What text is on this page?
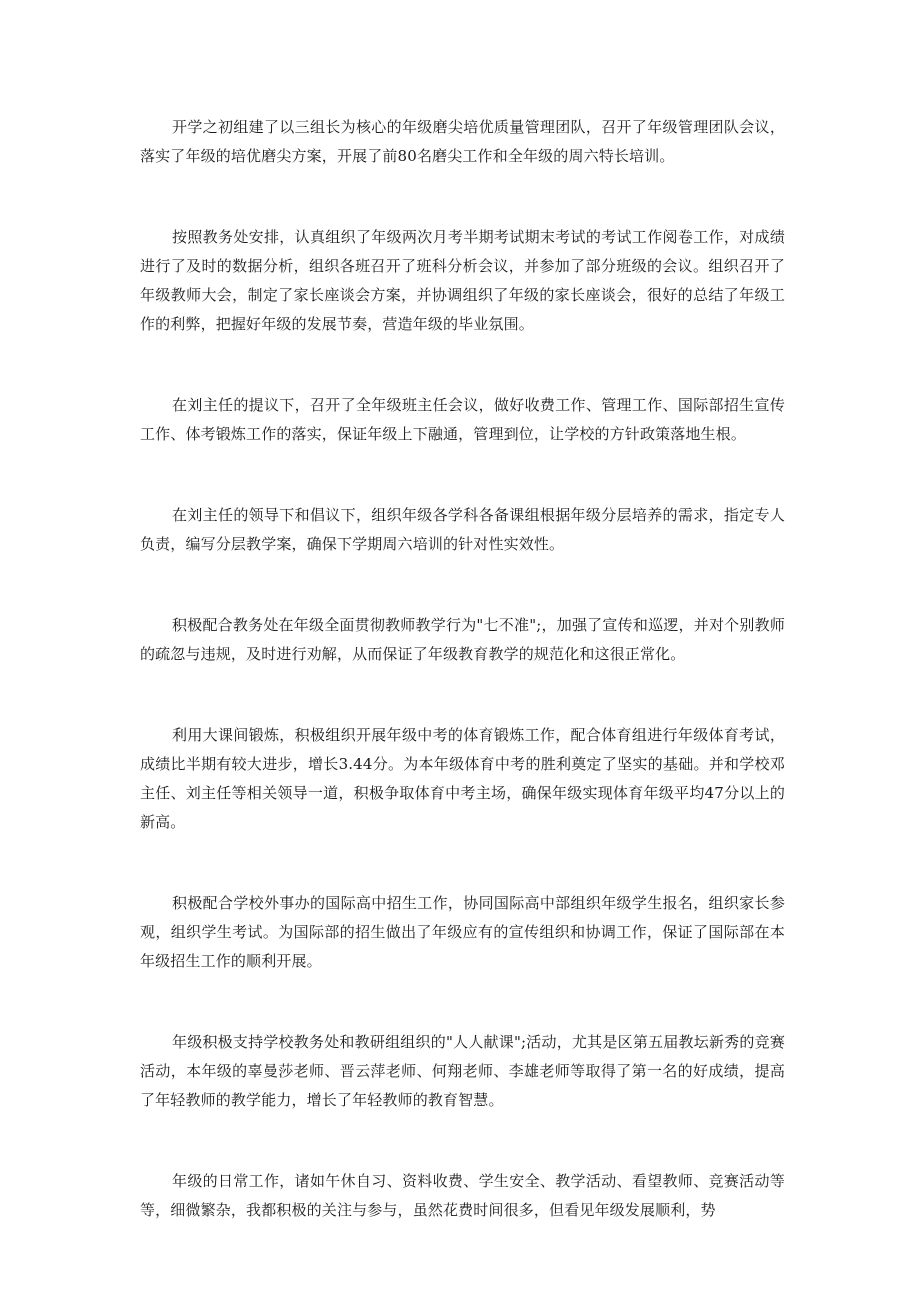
开学之初组建了以三组长为核心的年级磨尖培优质量管理团队，召开了年级管理团队会议，落实了年级的培优磨尖方案，开展了前80名磨尖工作和全年级的周六特长培训。

按照教务处安排，认真组织了年级两次月考半期考试期末考试的考试工作阅卷工作，对成绩进行了及时的数据分析，组织各班召开了班科分析会议，并参加了部分班级的会议。组织召开了年级教师大会，制定了家长座谈会方案，并协调组织了年级的家长座谈会，很好的总结了年级工作的利弊，把握好年级的发展节奏，营造年级的毕业氛围。

在刘主任的提议下，召开了全年级班主任会议，做好收费工作、管理工作、国际部招生宣传工作、体考锻炼工作的落实，保证年级上下融通，管理到位，让学校的方针政策落地生根。

在刘主任的领导下和倡议下，组织年级各学科各备课组根据年级分层培养的需求，指定专人负责，编写分层教学案，确保下学期周六培训的针对性实效性。

积极配合教务处在年级全面贯彻教师教学行为"七不准";，加强了宣传和巡逻，并对个别教师的疏忽与违规，及时进行劝解，从而保证了年级教育教学的规范化和这很正常化。

利用大课间锻炼，积极组织开展年级中考的体育锻炼工作，配合体育组进行年级体育考试，成绩比半期有较大进步，增长3.44分。为本年级体育中考的胜利奠定了坚实的基础。并和学校邓主任、刘主任等相关领导一道，积极争取体育中考主场，确保年级实现体育年级平均47分以上的新高。

积极配合学校外事办的国际高中招生工作，协同国际高中部组织年级学生报名，组织家长参观，组织学生考试。为国际部的招生做出了年级应有的宣传组织和协调工作，保证了国际部在本年级招生工作的顺利开展。

年级积极支持学校教务处和教研组组织的"人人献课";活动，尤其是区第五届教坛新秀的竞赛活动，本年级的辜曼莎老师、晋云萍老师、何翔老师、李雄老师等取得了第一名的好成绩，提高了年轻教师的教学能力，增长了年轻教师的教育智慧。

年级的日常工作，诸如午休自习、资料收费、学生安全、教学活动、看望教师、竞赛活动等等，细微繁杂，我都积极的关注与参与，虽然花费时间很多，但看见年级发展顺利，势
